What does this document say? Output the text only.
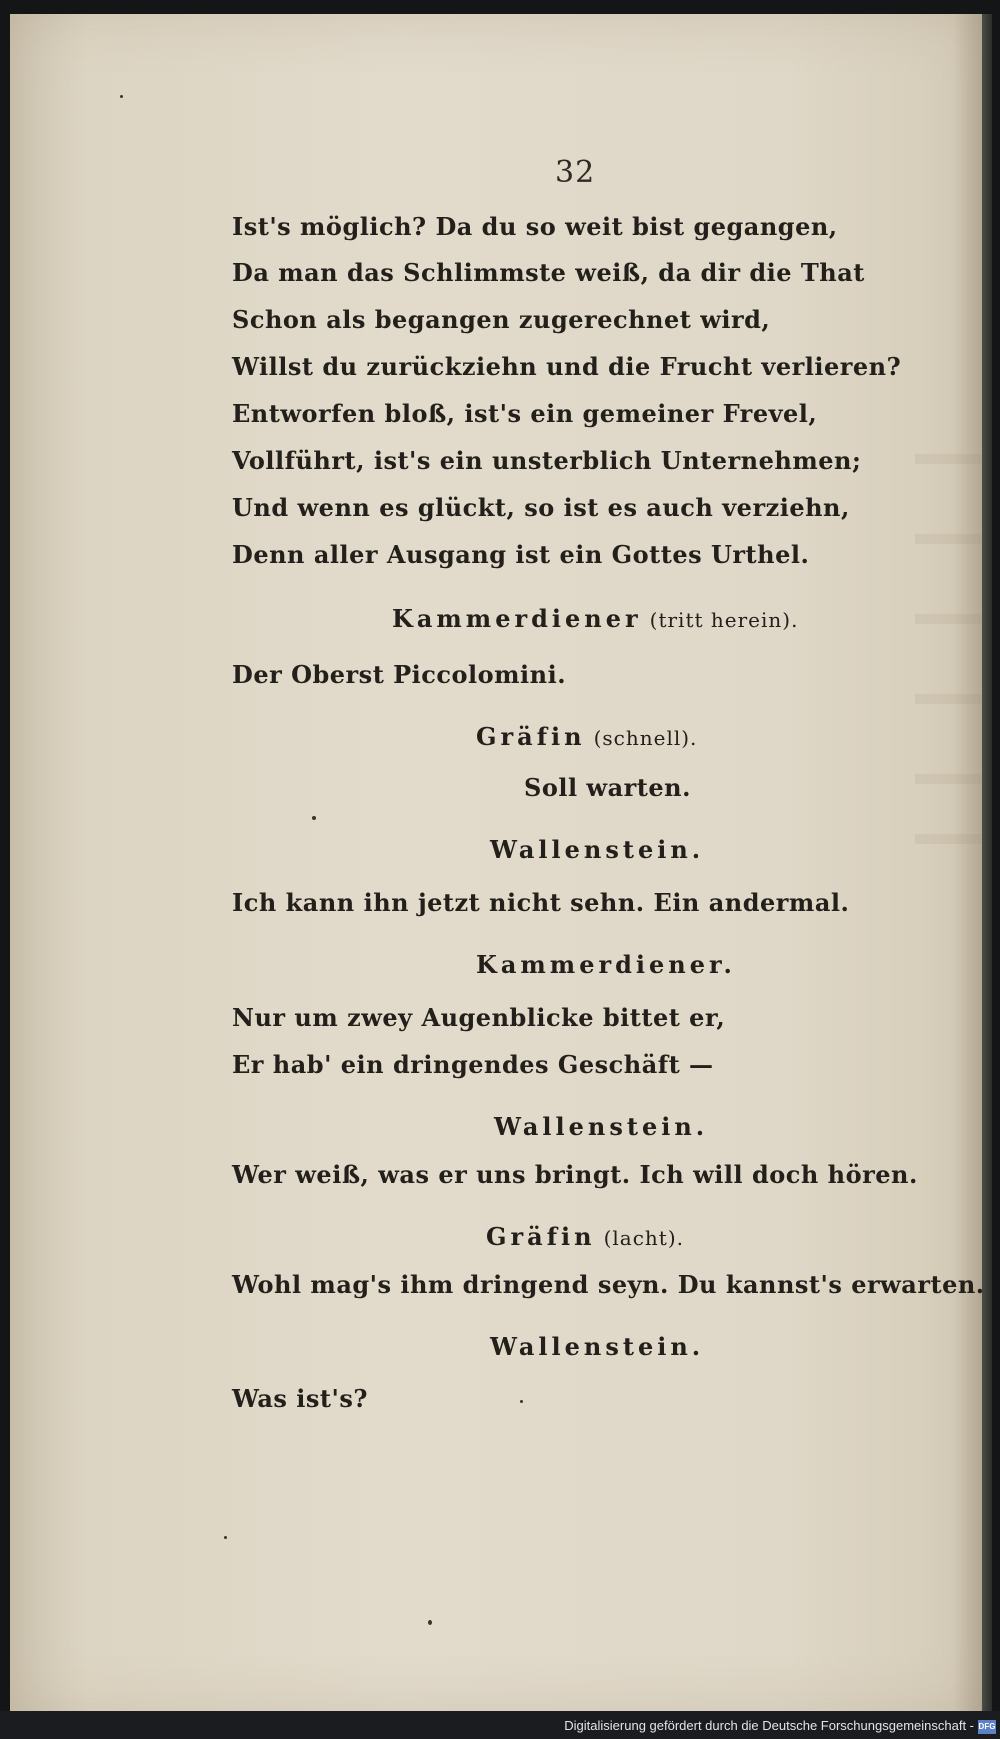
32
Ist's möglich? Da du so weit bist gegangen,
Da man das Schlimmste weiß, da dir die That
Schon als begangen zugerechnet wird,
Willst du zurückziehn und die Frucht verlieren?
Entworfen bloß, ist's ein gemeiner Frevel,
Vollführt, ist's ein unsterblich Unternehmen;
Und wenn es glückt, so ist es auch verziehn,
Denn aller Ausgang ist ein Gottes Urthel.
Kammerdiener (tritt herein).
Der Oberst Piccolomini.
Gräfin (schnell).
Soll warten.
Wallenstein.
Ich kann ihn jetzt nicht sehn. Ein andermal.
Kammerdiener.
Nur um zwey Augenblicke bittet er,
Er hab' ein dringendes Geschäft —
Wallenstein.
Wer weiß, was er uns bringt. Ich will doch hören.
Gräfin (lacht).
Wohl mag's ihm dringend seyn. Du kannst's erwarten.
Wallenstein.
Was ist's?
Digitalisierung gefördert durch die Deutsche Forschungsgemeinschaft - DFG
